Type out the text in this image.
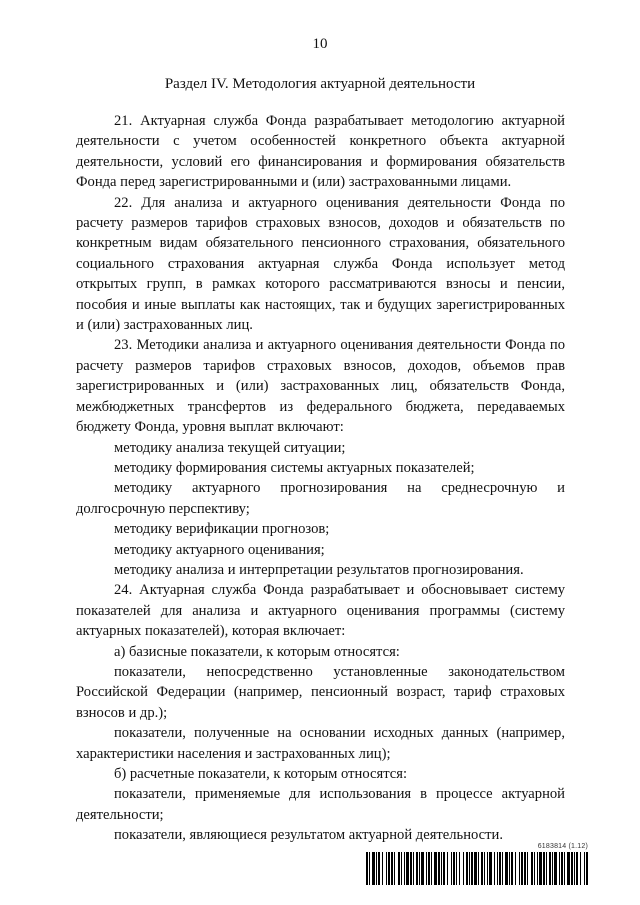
10
Раздел IV. Методология актуарной деятельности

21. Актуарная служба Фонда разрабатывает методологию актуарной деятельности с учетом особенностей конкретного объекта актуарной деятельности, условий его финансирования и формирования обязательств Фонда перед зарегистрированными и (или) застрахованными лицами.

22. Для анализа и актуарного оценивания деятельности Фонда по расчету размеров тарифов страховых взносов, доходов и обязательств по конкретным видам обязательного пенсионного страхования, обязательного социального страхования актуарная служба Фонда использует метод открытых групп, в рамках которого рассматриваются взносы и пенсии, пособия и иные выплаты как настоящих, так и будущих зарегистрированных и (или) застрахованных лиц.

23. Методики анализа и актуарного оценивания деятельности Фонда по расчету размеров тарифов страховых взносов, доходов, объемов прав зарегистрированных и (или) застрахованных лиц, обязательств Фонда, межбюджетных трансфертов из федерального бюджета, передаваемых бюджету Фонда, уровня выплат включают:

методику анализа текущей ситуации;

методику формирования системы актуарных показателей;

методику актуарного прогнозирования на среднесрочную и долгосрочную перспективу;

методику верификации прогнозов;

методику актуарного оценивания;

методику анализа и интерпретации результатов прогнозирования.

24. Актуарная служба Фонда разрабатывает и обосновывает систему показателей для анализа и актуарного оценивания программы (систему актуарных показателей), которая включает:

а) базисные показатели, к которым относятся:

показатели, непосредственно установленные законодательством Российской Федерации (например, пенсионный возраст, тариф страховых взносов и др.);

показатели, полученные на основании исходных данных (например, характеристики населения и застрахованных лиц);

б) расчетные показатели, к которым относятся:

показатели, применяемые для использования в процессе актуарной деятельности;

показатели, являющиеся результатом актуарной деятельности.

6183814 (1.12)
